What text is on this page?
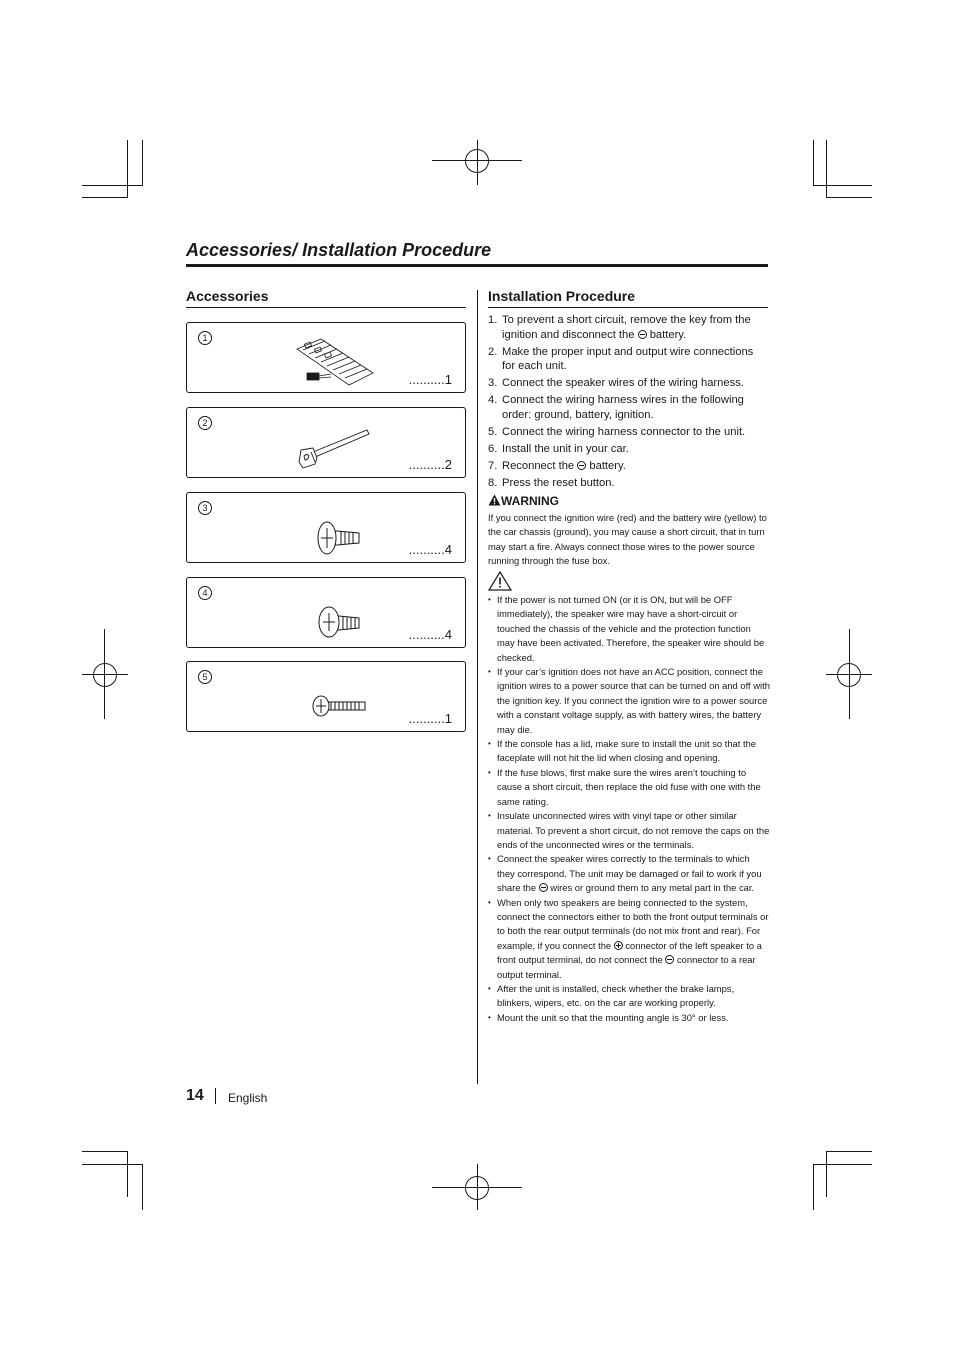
Accessories/ Installation Procedure
Accessories
1
..........1
2
..........2
3
..........4
4
..........4
5
..........1
Installation Procedure
1. To prevent a short circuit, remove the key from the ignition and disconnect the  battery.
2. Make the proper input and output wire connections for each unit.
3. Connect the speaker wires of the wiring harness.
4. Connect the wiring harness wires in the following order: ground, battery, ignition.
5. Connect the wiring harness connector to the unit.
6. Install the unit in your car.
7. Reconnect the  battery.
8. Press the reset button.
WARNING
If you connect the ignition wire (red) and the battery wire (yellow) to the car chassis (ground), you may cause a short circuit, that in turn may start a fire. Always connect those wires to the power source running through the fuse box.
• If the power is not turned ON (or it is ON, but will be OFF immediately), the speaker wire may have a short-circuit or touched the chassis of the vehicle and the protection function may have been activated. Therefore, the speaker wire should be checked.
• If your car’s ignition does not have an ACC position, connect the ignition wires to a power source that can be turned on and off with the ignition key. If you connect the ignition wire to a power source with a constant voltage supply, as with battery wires, the battery may die.
• If the console has a lid, make sure to install the unit so that the faceplate will not hit the lid when closing and opening.
• If the fuse blows, first make sure the wires aren’t touching to cause a short circuit, then replace the old fuse with one with the same rating.
• Insulate unconnected wires with vinyl tape or other similar material. To prevent a short circuit, do not remove the caps on the ends of the unconnected wires or the terminals.
• Connect the speaker wires correctly to the terminals to which they correspond. The unit may be damaged or fail to work if you share the  wires or ground them to any metal part in the car.
• When only two speakers are being connected to the system, connect the connectors either to both the front output terminals or to both the rear output terminals (do not mix front and rear). For example, if you connect the  connector of the left speaker to a front output terminal, do not connect the  connector to a rear output terminal.
• After the unit is installed, check whether the brake lamps, blinkers, wipers, etc. on the car are working properly.
• Mount the unit so that the mounting angle is 30° or less.
14 English
